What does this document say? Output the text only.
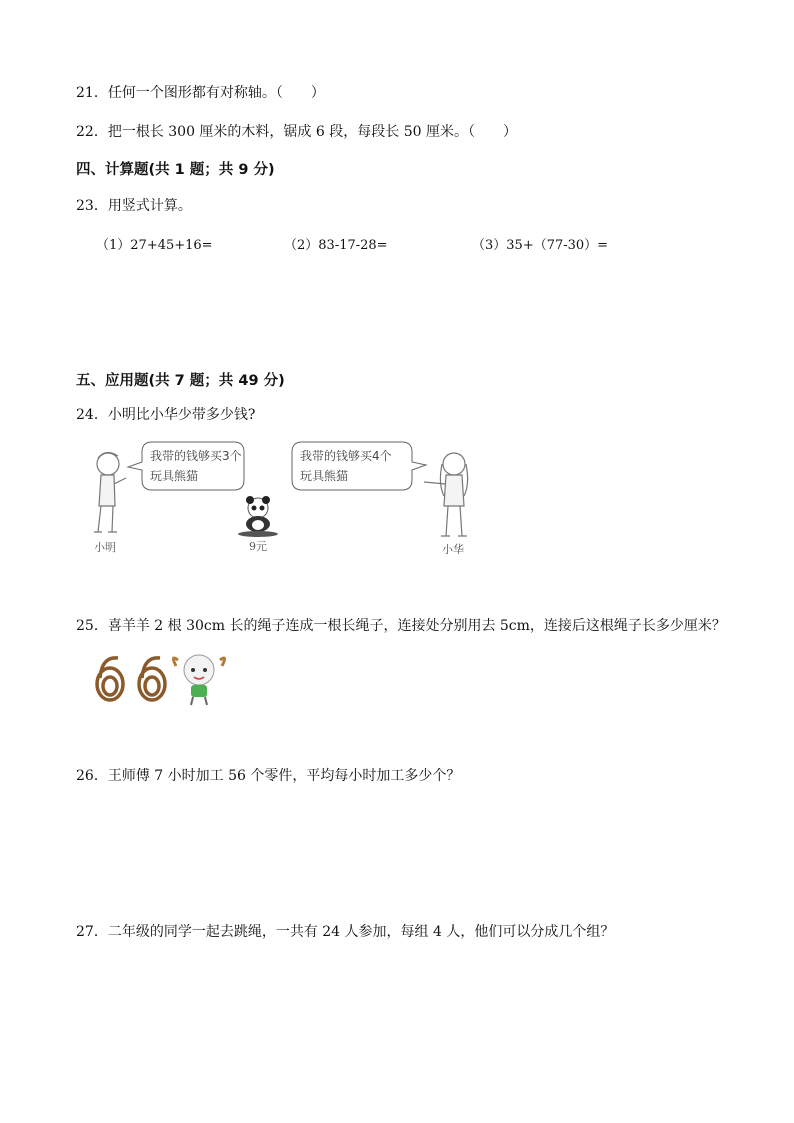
21．任何一个图形都有对称轴。（　　）
22．把一根长 300 厘米的木料，锯成 6 段，每段长 50 厘米。（　　）
四、计算题(共 1 题；共 9 分)
23．用竖式计算。
（1）27+45+16=	（2）83-17-28=	（3）35+（77-30）=
五、应用题(共 7 题；共 49 分)
24．小明比小华少带多少钱?
我带的钱够买3个
玩具熊猫
9元
小明
我带的钱够买4个
玩具熊猫
小华
25．喜羊羊 2 根 30cm 长的绳子连成一根长绳子，连接处分别用去 5cm，连接后这根绳子长多少厘米？
26．王师傅 7 小时加工 56 个零件，平均每小时加工多少个？
27．二年级的同学一起去跳绳，一共有 24 人参加，每组 4 人，他们可以分成几个组？
